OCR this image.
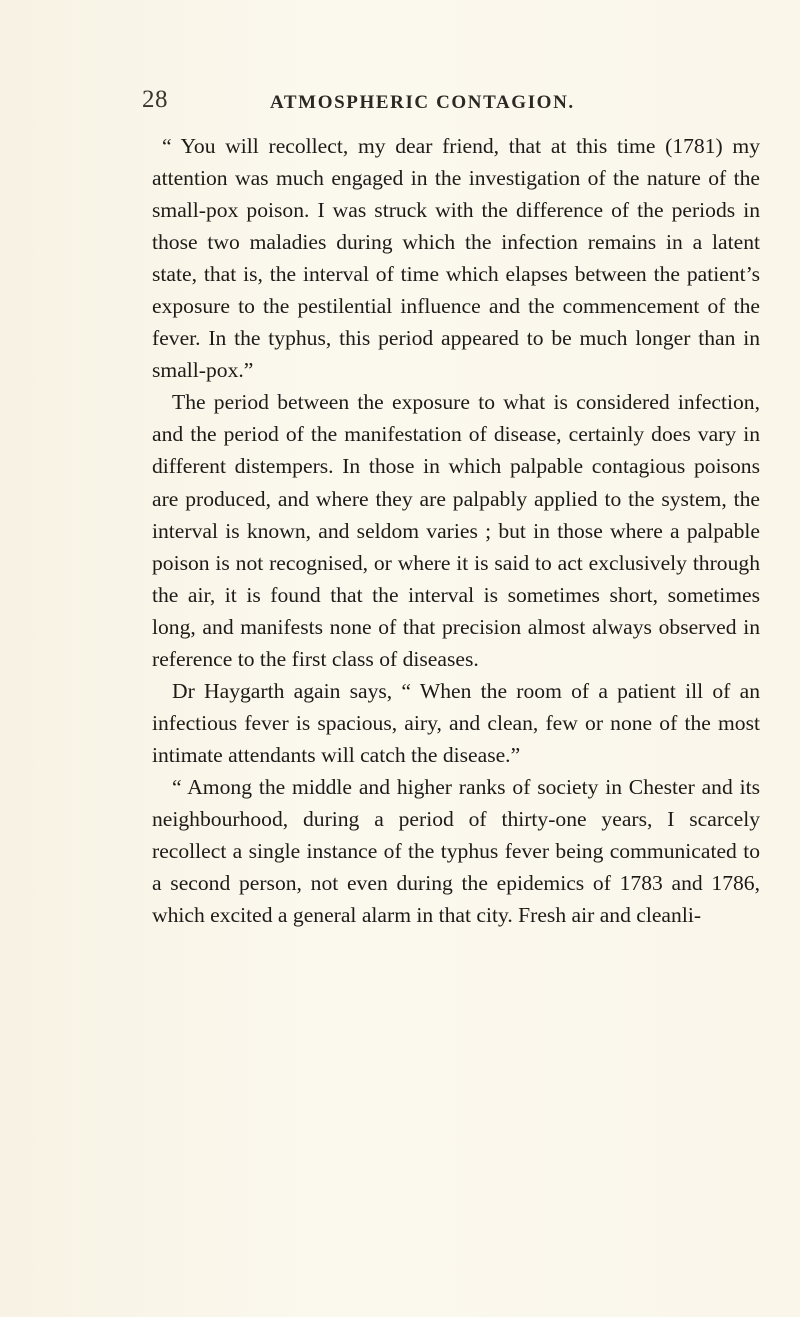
28	ATMOSPHERIC CONTAGION.

“ You will recollect, my dear friend, that at this time (1781) my attention was much engaged in the investigation of the nature of the small-pox poison. I was struck with the difference of the periods in those two maladies during which the infection remains in a latent state, that is, the interval of time which elapses between the patient’s exposure to the pestilential influence and the commencement of the fever. In the typhus, this period appeared to be much longer than in small-pox.”

The period between the exposure to what is considered infection, and the period of the manifestation of disease, certainly does vary in different distempers. In those in which palpable contagious poisons are produced, and where they are palpably applied to the system, the interval is known, and seldom varies ; but in those where a palpable poison is not recognised, or where it is said to act exclusively through the air, it is found that the interval is sometimes short, sometimes long, and manifests none of that precision almost always observed in reference to the first class of diseases.

Dr Haygarth again says, “ When the room of a patient ill of an infectious fever is spacious, airy, and clean, few or none of the most intimate attendants will catch the disease.”

“ Among the middle and higher ranks of society in Chester and its neighbourhood, during a period of thirty-one years, I scarcely recollect a single instance of the typhus fever being communicated to a second person, not even during the epidemics of 1783 and 1786, which excited a general alarm in that city. Fresh air and cleanli-
